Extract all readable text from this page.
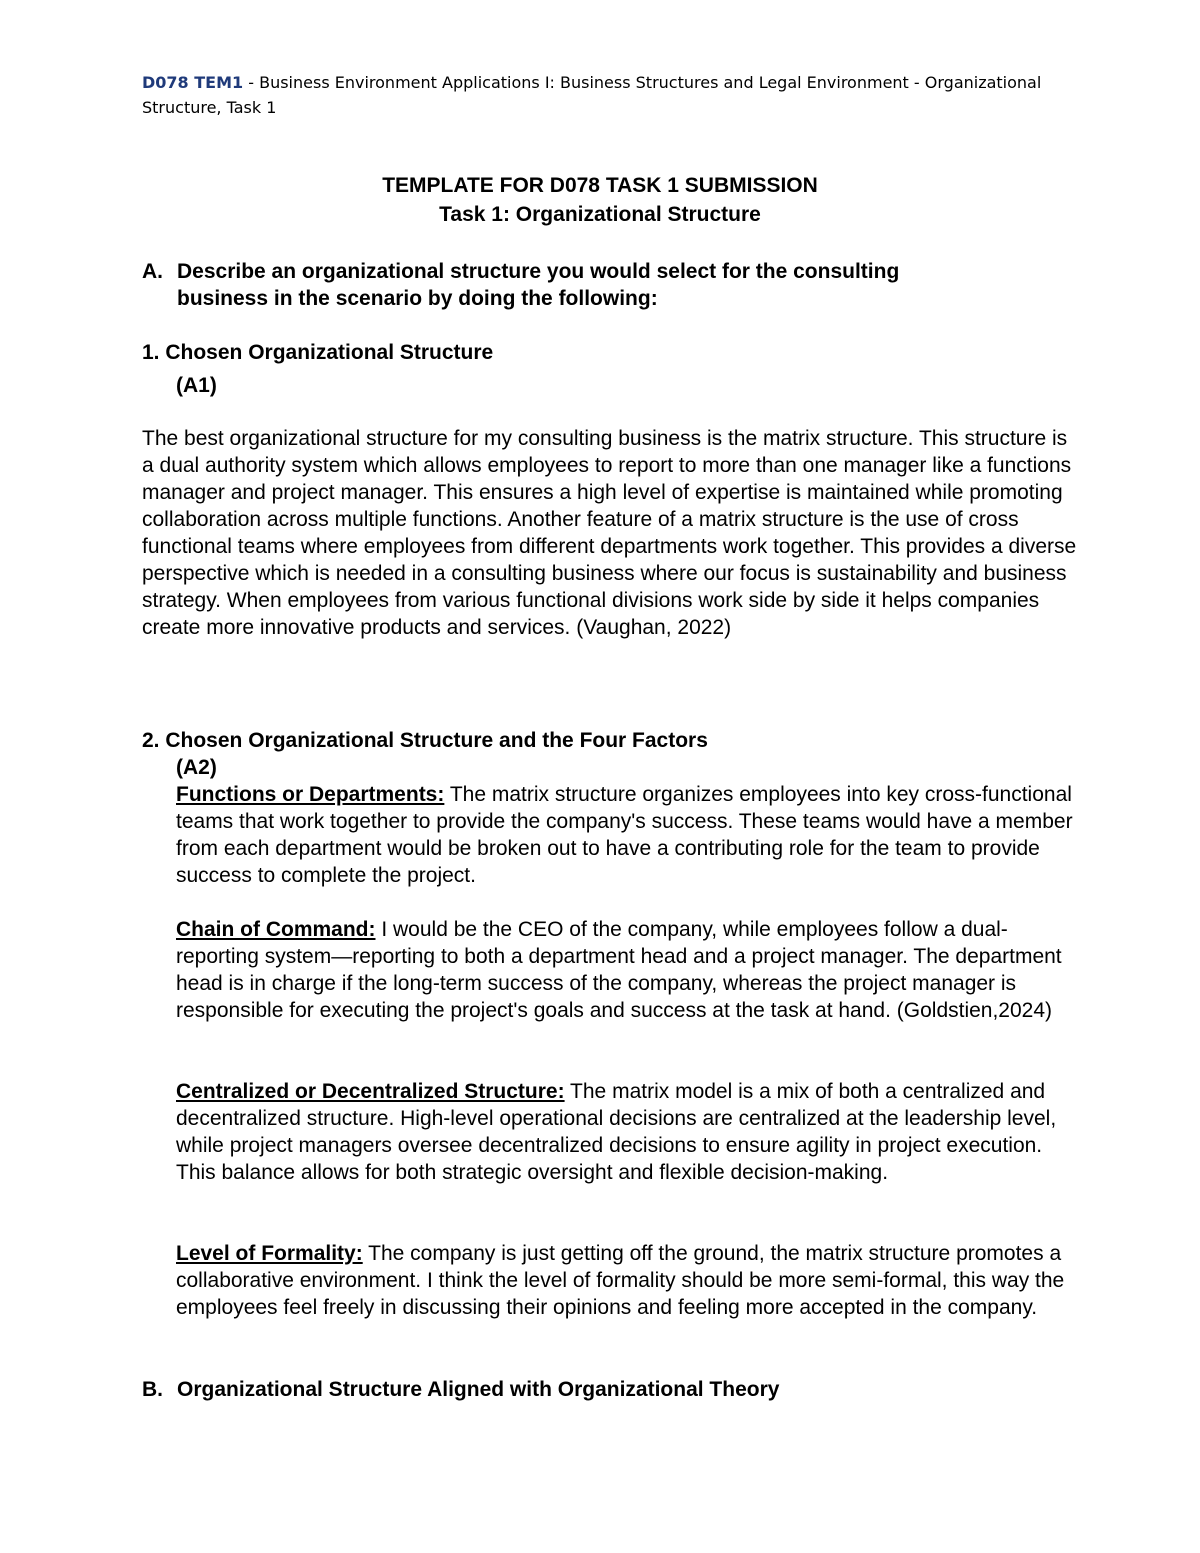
D078 TEM1 - Business Environment Applications I: Business Structures and Legal Environment - Organizational Structure, Task 1
TEMPLATE FOR D078 TASK 1 SUBMISSION
Task 1: Organizational Structure
A. Describe an organizational structure you would select for the consulting
business in the scenario by doing the following:
1. Chosen Organizational Structure
(A1)
The best organizational structure for my consulting business is the matrix structure. This structure is a dual authority system which allows employees to report to more than one manager like a functions manager and project manager. This ensures a high level of expertise is maintained while promoting collaboration across multiple functions. Another feature of a matrix structure is the use of cross functional teams where employees from different departments work together. This provides a diverse perspective which is needed in a consulting business where our focus is sustainability and business strategy. When employees from various functional divisions work side by side it helps companies create more innovative products and services. (Vaughan, 2022)
2. Chosen Organizational Structure and the Four Factors
(A2)
Functions or Departments: The matrix structure organizes employees into key cross-functional teams that work together to provide the company's success. These teams would have a member from each department would be broken out to have a contributing role for the team to provide success to complete the project.
Chain of Command: I would be the CEO of the company, while employees follow a dual-reporting system—reporting to both a department head and a project manager. The department head is in charge if the long-term success of the company, whereas the project manager is responsible for executing the project's goals and success at the task at hand. (Goldstien,2024)
Centralized or Decentralized Structure: The matrix model is a mix of both a centralized and decentralized structure. High-level operational decisions are centralized at the leadership level, while project managers oversee decentralized decisions to ensure agility in project execution. This balance allows for both strategic oversight and flexible decision-making.
Level of Formality: The company is just getting off the ground, the matrix structure promotes a collaborative environment. I think the level of formality should be more semi-formal, this way the employees feel freely in discussing their opinions and feeling more accepted in the company.
B. Organizational Structure Aligned with Organizational Theory
